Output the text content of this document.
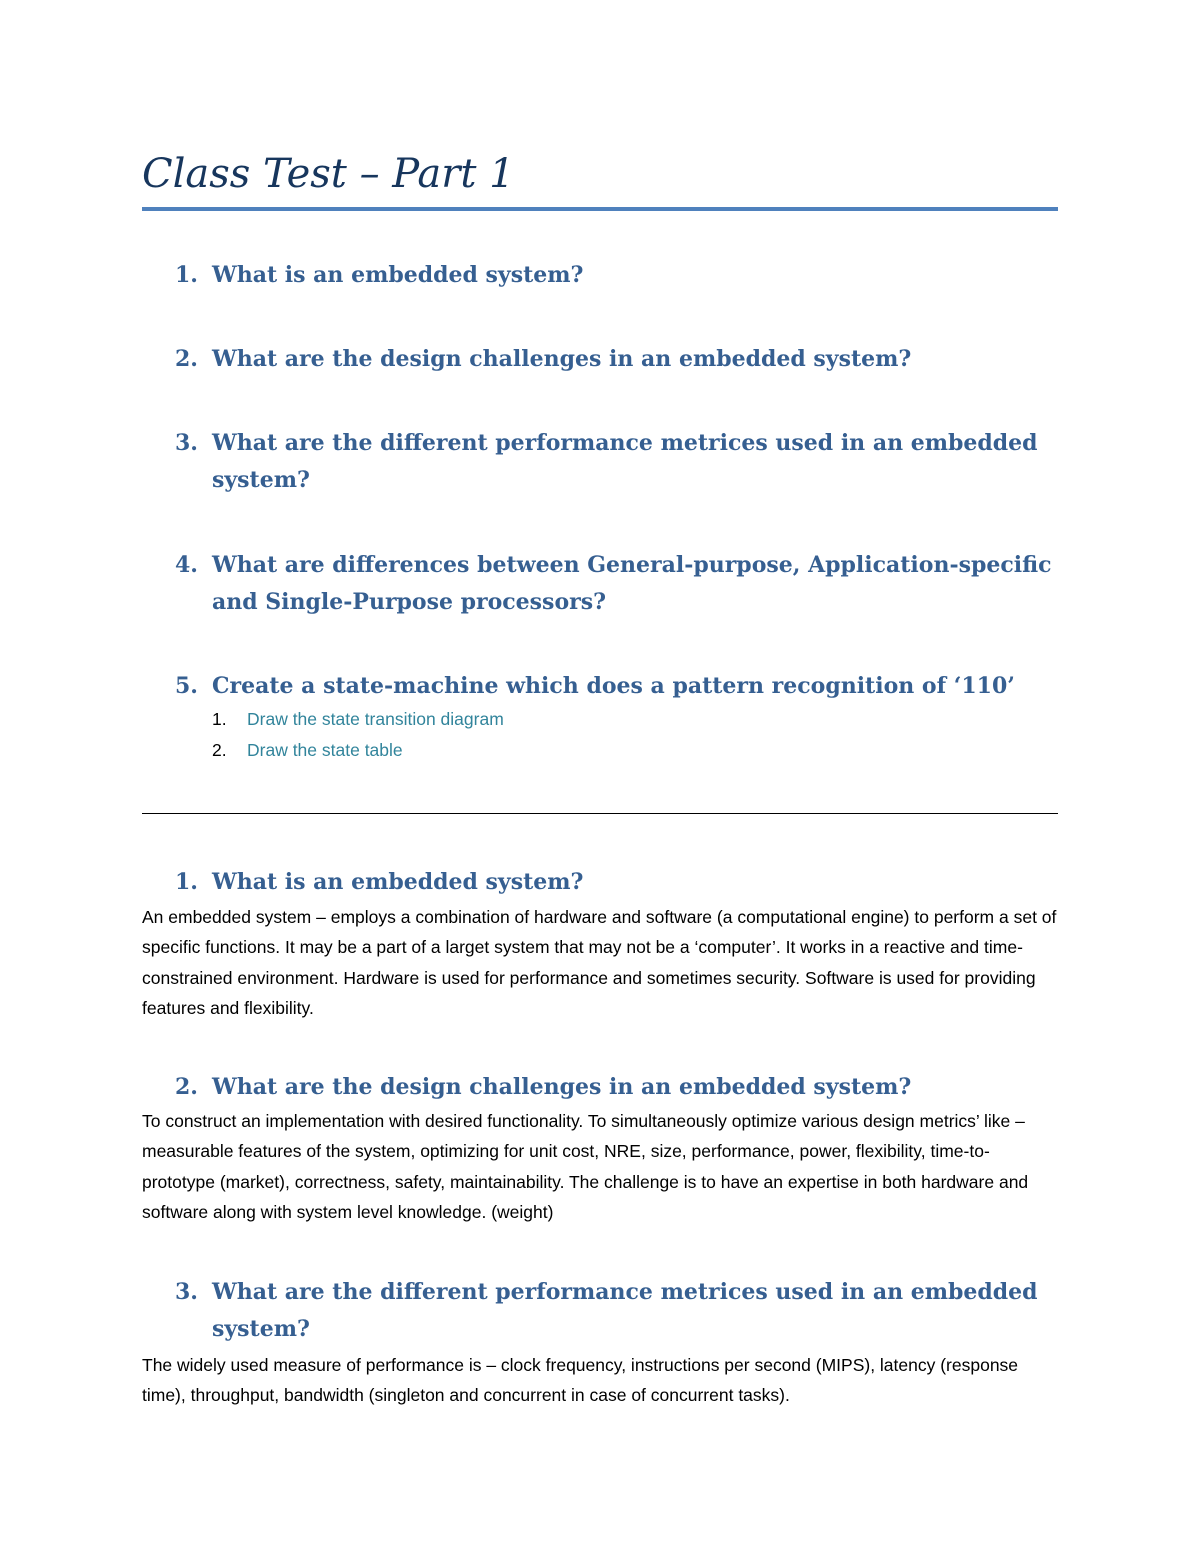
Class Test – Part 1
1. What is an embedded system?
2. What are the design challenges in an embedded system?
3. What are the different performance metrices used in an embedded system?
4. What are differences between General-purpose, Application-specific and Single-Purpose processors?
5. Create a state-machine which does a pattern recognition of ‘110’
1. Draw the state transition diagram
2. Draw the state table
1. What is an embedded system?

An embedded system – employs a combination of hardware and software (a computational engine) to perform a set of specific functions. It may be a part of a larget system that may not be a ‘computer’. It works in a reactive and time-constrained environment. Hardware is used for performance and sometimes security. Software is used for providing features and flexibility.

2. What are the design challenges in an embedded system?

To construct an implementation with desired functionality. To simultaneously optimize various design metrics’ like – measurable features of the system, optimizing for unit cost, NRE, size, performance, power, flexibility, time-to-prototype (market), correctness, safety, maintainability. The challenge is to have an expertise in both hardware and software along with system level knowledge. (weight)

3. What are the different performance metrices used in an embedded system?

The widely used measure of performance is – clock frequency, instructions per second (MIPS), latency (response time), throughput, bandwidth (singleton and concurrent in case of concurrent tasks).
